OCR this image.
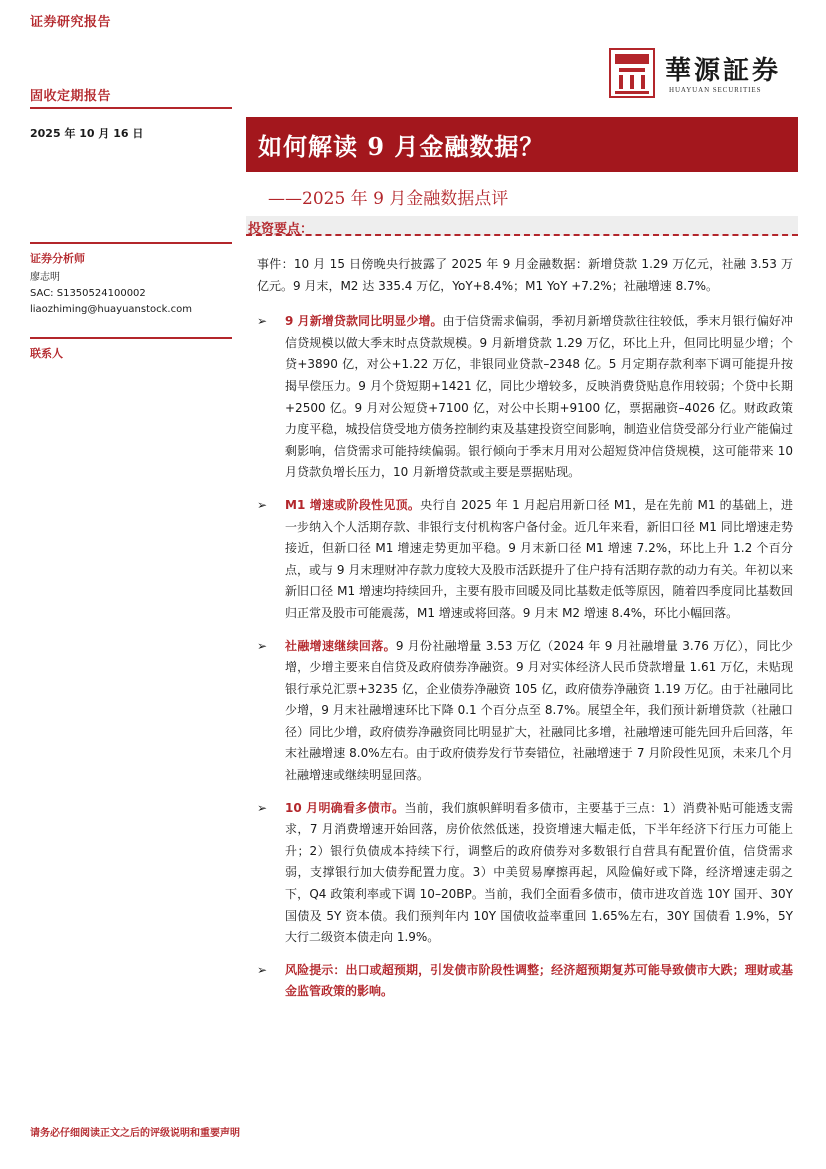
证券研究报告
華源証券
HUAYUAN SECURITIES
固收定期报告
2025 年 10 月 16 日	如何解读 9 月金融数据？
——2025 年 9 月金融数据点评
投资要点：
证券分析师
廖志明
SAC: S1350524100002
liaozhiming@huayuanstock.com
联系人

事件：10 月 15 日傍晚央行披露了 2025 年 9 月金融数据：新增贷款 1.29 万亿元，社融 3.53 万亿元。9 月末，M2 达 335.4 万亿，YoY+8.4%；M1 YoY +7.2%；社融增速 8.7%。

➢ 9 月新增贷款同比明显少增。由于信贷需求偏弱，季初月新增贷款往往较低，季末月银行偏好冲信贷规模以做大季末时点贷款规模。9 月新增贷款 1.29 万亿，环比上升，但同比明显少增；个贷+3890 亿，对公+1.22 万亿，非银同业贷款–2348 亿。5 月定期存款利率下调可能提升按揭早偿压力。9 月个贷短期+1421 亿，同比少增较多，反映消费贷贴息作用较弱；个贷中长期+2500 亿。9 月对公短贷+7100 亿，对公中长期+9100 亿，票据融资–4026 亿。财政政策力度平稳，城投信贷受地方债务控制约束及基建投资空间影响，制造业信贷受部分行业产能偏过剩影响，信贷需求可能持续偏弱。银行倾向于季末月用对公超短贷冲信贷规模，这可能带来 10 月贷款负增长压力，10 月新增贷款或主要是票据贴现。
➢ M1 增速或阶段性见顶。央行自 2025 年 1 月起启用新口径 M1，是在先前 M1 的基础上，进一步纳入个人活期存款、非银行支付机构客户备付金。近几年来看，新旧口径 M1 同比增速走势接近，但新口径 M1 增速走势更加平稳。9 月末新口径 M1 增速 7.2%，环比上升 1.2 个百分点，或与 9 月末理财冲存款力度较大及股市活跃提升了住户持有活期存款的动力有关。年初以来新旧口径 M1 增速均持续回升，主要有股市回暖及同比基数走低等原因，随着四季度同比基数回归正常及股市可能震荡，M1 增速或将回落。9 月末 M2 增速 8.4%，环比小幅回落。
➢ 社融增速继续回落。9 月份社融增量 3.53 万亿（2024 年 9 月社融增量 3.76 万亿），同比少增，少增主要来自信贷及政府债券净融资。9 月对实体经济人民币贷款增量 1.61 万亿，未贴现银行承兑汇票+3235 亿，企业债券净融资 105 亿，政府债券净融资 1.19 万亿。由于社融同比少增，9 月末社融增速环比下降 0.1 个百分点至 8.7%。展望全年，我们预计新增贷款（社融口径）同比少增，政府债券净融资同比明显扩大，社融同比多增，社融增速可能先回升后回落，年末社融增速 8.0%左右。由于政府债券发行节奏错位，社融增速于 7 月阶段性见顶，未来几个月社融增速或继续明显回落。
➢ 10 月明确看多债市。当前，我们旗帜鲜明看多债市，主要基于三点：1）消费补贴可能透支需求，7 月消费增速开始回落，房价依然低迷，投资增速大幅走低，下半年经济下行压力可能上升；2）银行负债成本持续下行，调整后的政府债券对多数银行自营具有配置价值，信贷需求弱，支撑银行加大债券配置力度。3）中美贸易摩擦再起，风险偏好或下降，经济增速走弱之下，Q4 政策利率或下调 10–20BP。当前，我们全面看多债市，债市进攻首选 10Y 国开、30Y 国债及 5Y 资本债。我们预判年内 10Y 国债收益率重回 1.65%左右，30Y 国债看 1.9%，5Y 大行二级资本债走向 1.9%。
➢ 风险提示：出口或超预期，引发债市阶段性调整；经济超预期复苏可能导致债市大跌；理财或基金监管政策的影响。
请务必仔细阅读正文之后的评级说明和重要声明
